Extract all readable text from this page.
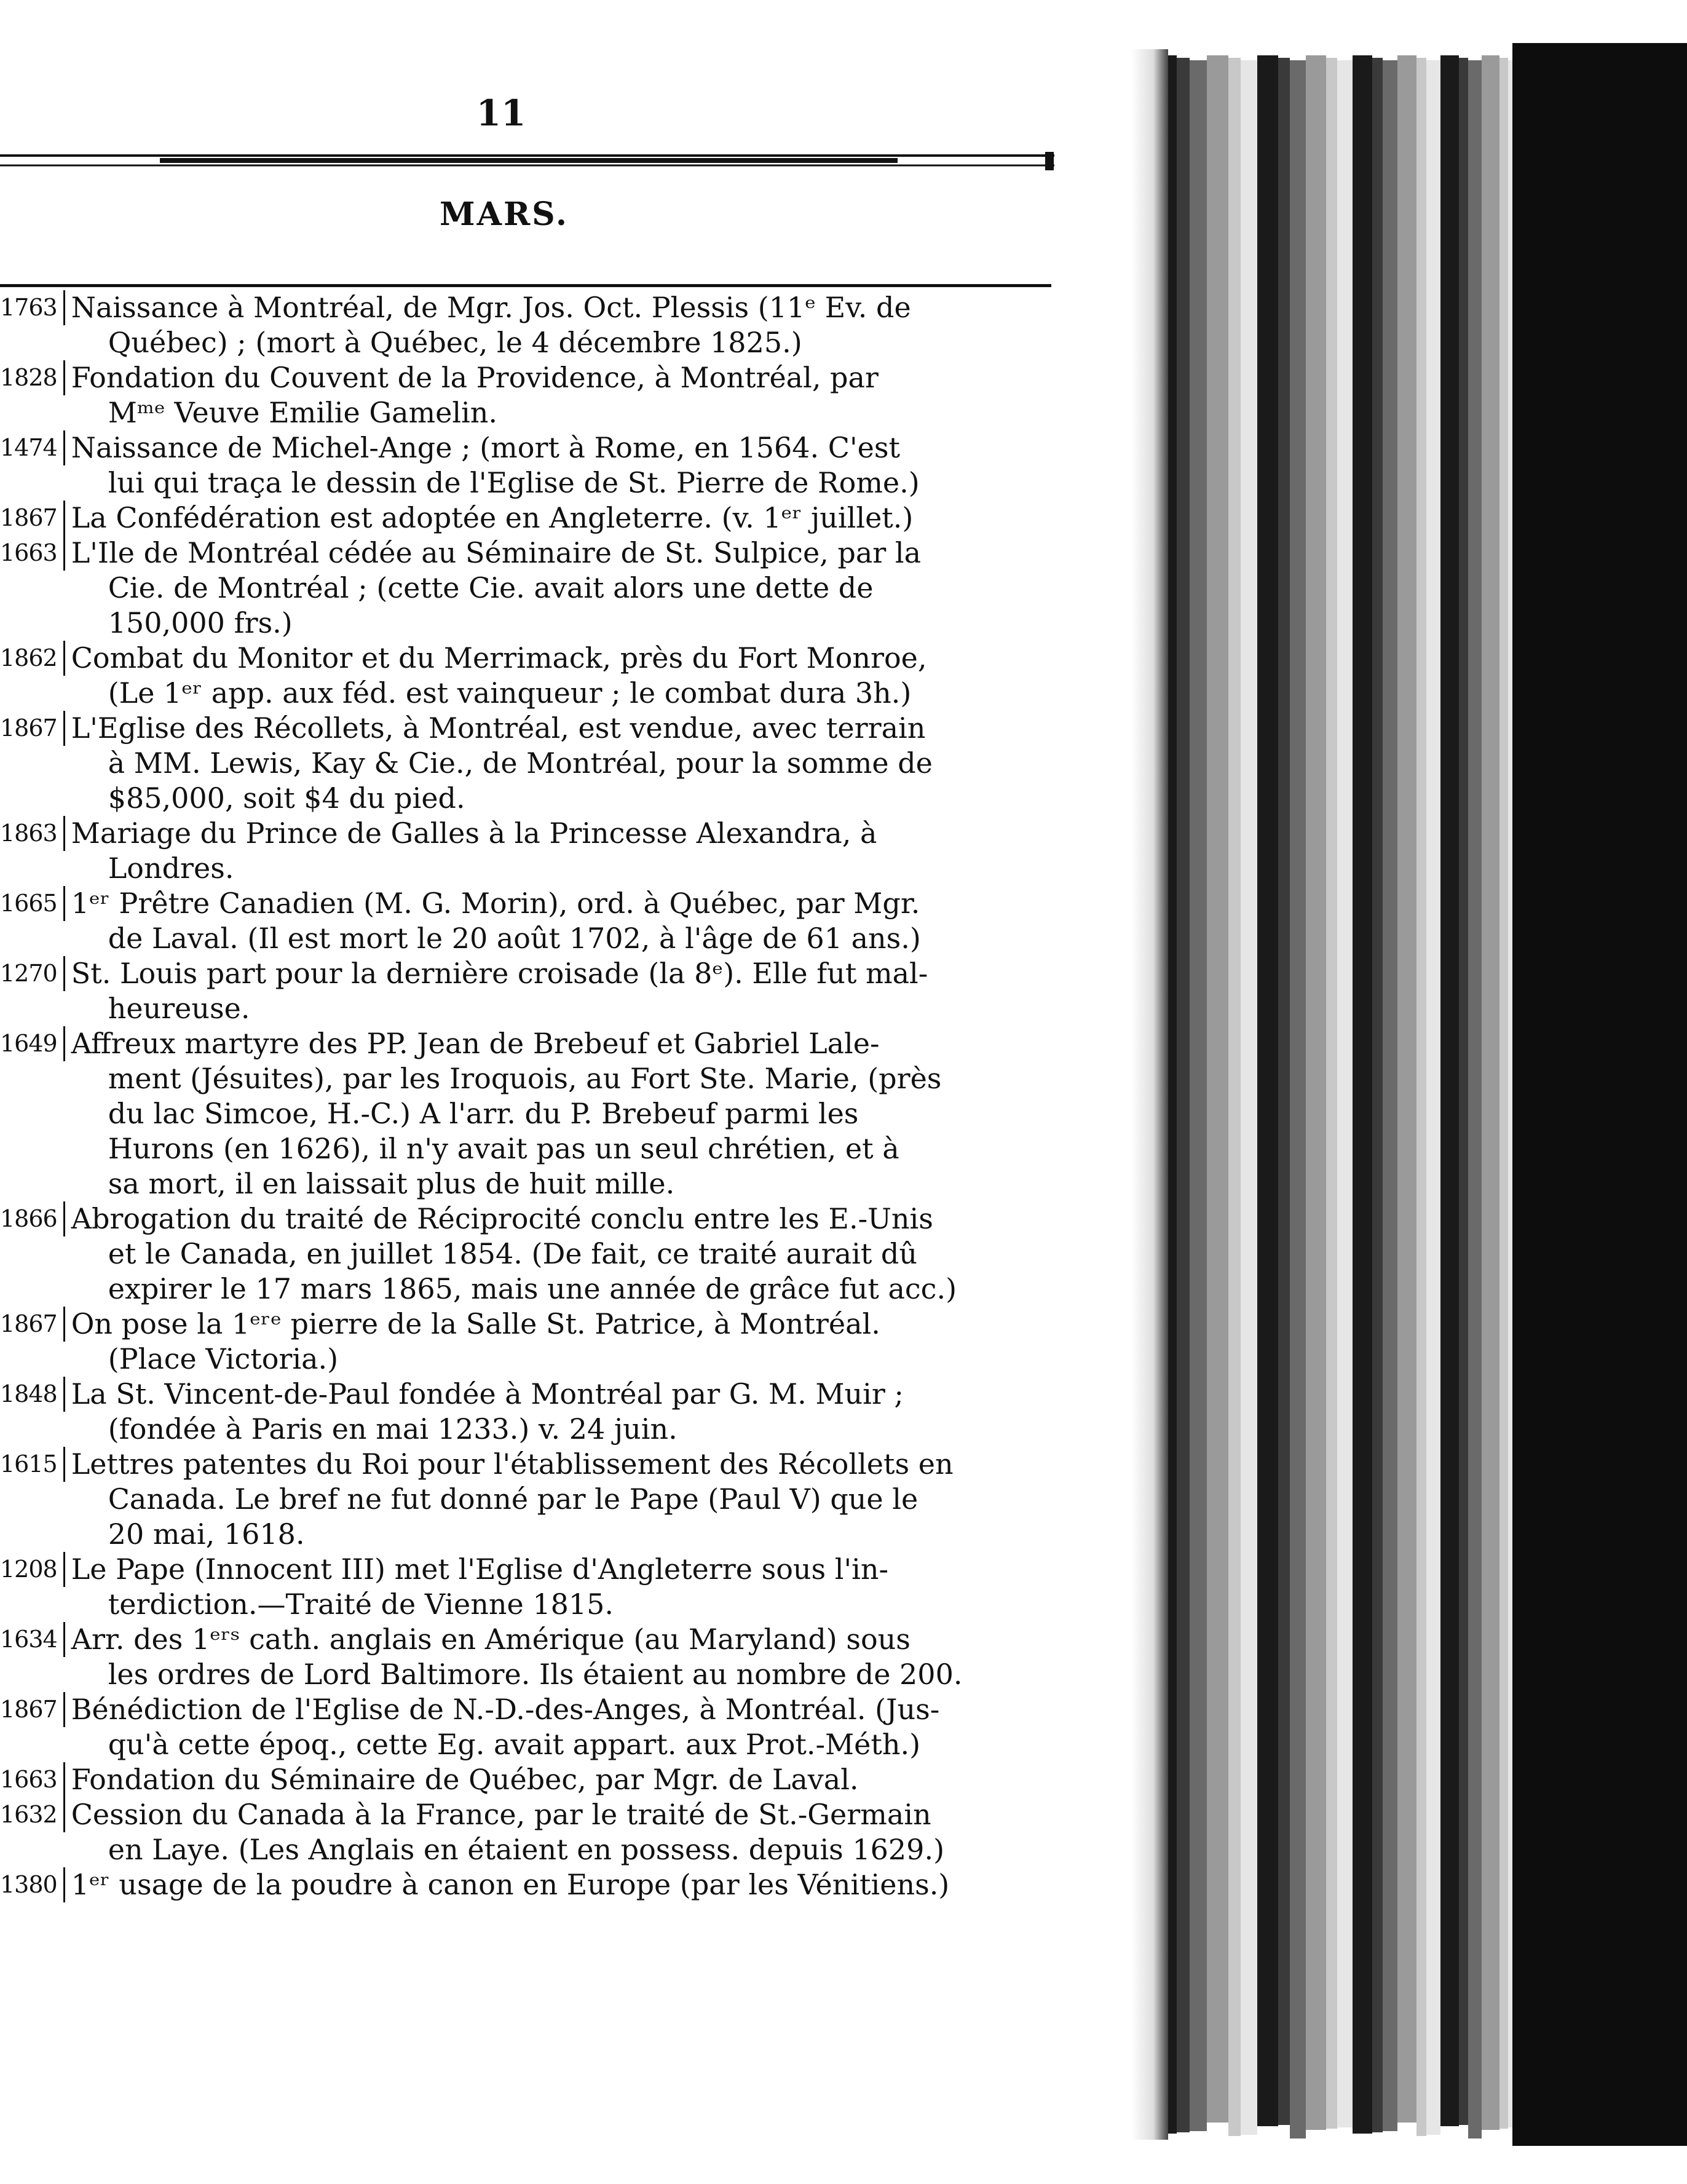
11
MARS.
1763 Naissance à Montréal, de Mgr. Jos. Oct. Plessis (11ᵉ Ev. de
Québec) ; (mort à Québec, le 4 décembre 1825.)
1828 Fondation du Couvent de la Providence, à Montréal, par
Mᵐᵉ Veuve Emilie Gamelin.
1474 Naissance de Michel-Ange ; (mort à Rome, en 1564. C'est
lui qui traça le dessin de l'Eglise de St. Pierre de Rome.)
1867 La Confédération est adoptée en Angleterre. (v. 1ᵉʳ juillet.)
1663 L'Ile de Montréal cédée au Séminaire de St. Sulpice, par la
Cie. de Montréal ; (cette Cie. avait alors une dette de
150,000 frs.)
1862 Combat du Monitor et du Merrimack, près du Fort Monroe,
(Le 1ᵉʳ app. aux féd. est vainqueur ; le combat dura 3h.)
1867 L'Eglise des Récollets, à Montréal, est vendue, avec terrain
à MM. Lewis, Kay & Cie., de Montréal, pour la somme de
$85,000, soit $4 du pied.
1863 Mariage du Prince de Galles à la Princesse Alexandra, à
Londres.
1665 1ᵉʳ Prêtre Canadien (M. G. Morin), ord. à Québec, par Mgr.
de Laval. (Il est mort le 20 août 1702, à l'âge de 61 ans.)
1270 St. Louis part pour la dernière croisade (la 8ᵉ). Elle fut mal-
heureuse.
1649 Affreux martyre des PP. Jean de Brebeuf et Gabriel Lale-
ment (Jésuites), par les Iroquois, au Fort Ste. Marie, (près
du lac Simcoe, H.-C.) A l'arr. du P. Brebeuf parmi les
Hurons (en 1626), il n'y avait pas un seul chrétien, et à
sa mort, il en laissait plus de huit mille.
1866 Abrogation du traité de Réciprocité conclu entre les E.-Unis
et le Canada, en juillet 1854. (De fait, ce traité aurait dû
expirer le 17 mars 1865, mais une année de grâce fut acc.)
1867 On pose la 1ᵉʳᵉ pierre de la Salle St. Patrice, à Montréal.
(Place Victoria.)
1848 La St. Vincent-de-Paul fondée à Montréal par G. M. Muir ;
(fondée à Paris en mai 1233.) v. 24 juin.
1615 Lettres patentes du Roi pour l'établissement des Récollets en
Canada. Le bref ne fut donné par le Pape (Paul V) que le
20 mai, 1618.
1208 Le Pape (Innocent III) met l'Eglise d'Angleterre sous l'in-
terdiction.—Traité de Vienne 1815.
1634 Arr. des 1ᵉʳˢ cath. anglais en Amérique (au Maryland) sous
les ordres de Lord Baltimore. Ils étaient au nombre de 200.
1867 Bénédiction de l'Eglise de N.-D.-des-Anges, à Montréal. (Jus-
qu'à cette époq., cette Eg. avait appart. aux Prot.-Méth.)
1663 Fondation du Séminaire de Québec, par Mgr. de Laval.
1632 Cession du Canada à la France, par le traité de St.-Germain
en Laye. (Les Anglais en étaient en possess. depuis 1629.)
1380 1ᵉʳ usage de la poudre à canon en Europe (par les Vénitiens.)
